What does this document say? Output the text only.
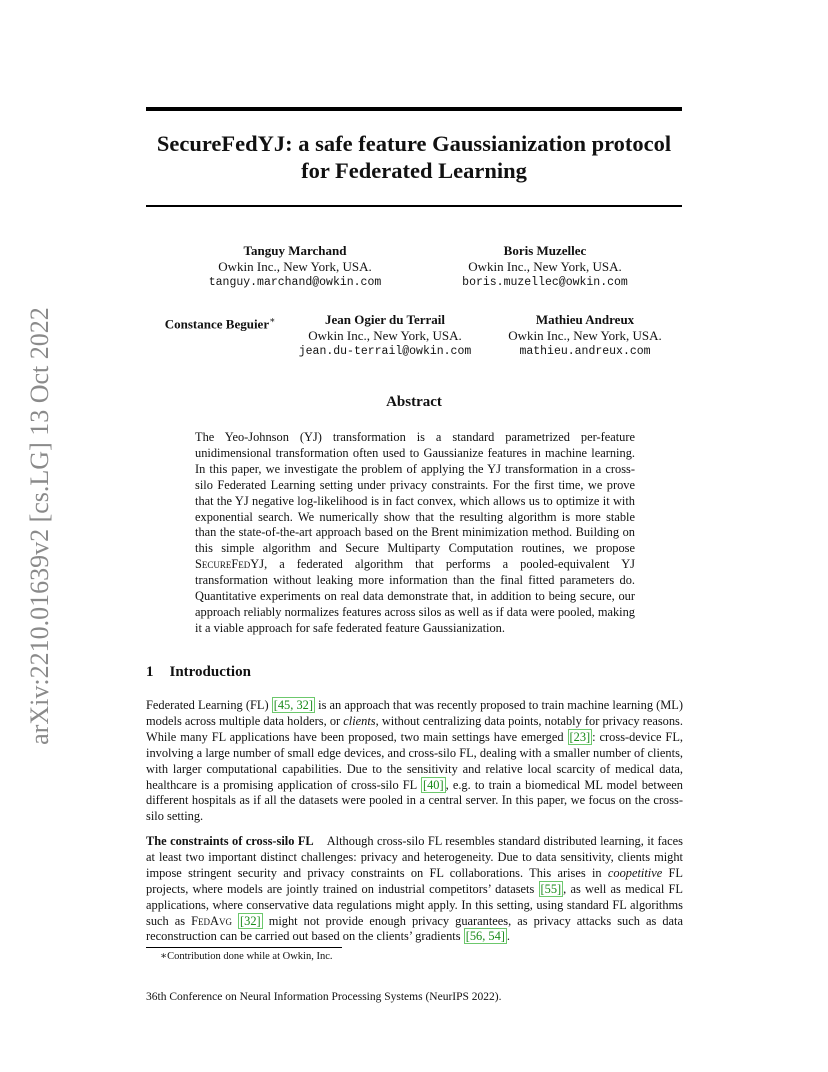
arXiv:2210.01639v2 [cs.LG] 13 Oct 2022
SecureFedYJ: a safe feature Gaussianization protocol
for Federated Learning
Tanguy Marchand
Owkin Inc., New York, USA.
tanguy.marchand@owkin.com
Boris Muzellec
Owkin Inc., New York, USA.
boris.muzellec@owkin.com
Constance Beguier∗	Jean Ogier du Terrail
Owkin Inc., New York, USA.
jean.du-terrail@owkin.com
Mathieu Andreux
Owkin Inc., New York, USA.
mathieu.andreux.com
Abstract
The Yeo-Johnson (YJ) transformation is a standard parametrized per-feature unidimensional transformation often used to Gaussianize features in machine learning. In this paper, we investigate the problem of applying the YJ transformation in a cross-silo Federated Learning setting under privacy constraints. For the first time, we prove that the YJ negative log-likelihood is in fact convex, which allows us to optimize it with exponential search. We numerically show that the resulting algorithm is more stable than the state-of-the-art approach based on the Brent minimization method. Building on this simple algorithm and Secure Multiparty Computation routines, we propose SecureFedYJ, a federated algorithm that performs a pooled-equivalent YJ transformation without leaking more information than the final fitted parameters do. Quantitative experiments on real data demonstrate that, in addition to being secure, our approach reliably normalizes features across silos as well as if data were pooled, making it a viable approach for safe federated feature Gaussianization.
1 Introduction
Federated Learning (FL) [45, 32] is an approach that was recently proposed to train machine learning (ML) models across multiple data holders, or clients, without centralizing data points, notably for privacy reasons. While many FL applications have been proposed, two main settings have emerged [23] : cross-device FL, involving a large number of small edge devices, and cross-silo FL, dealing with a smaller number of clients, with larger computational capabilities. Due to the sensitivity and relative local scarcity of medical data, healthcare is a promising application of cross-silo FL [40] , e.g. to train a biomedical ML model between different hospitals as if all the datasets were pooled in a central server. In this paper, we focus on the cross-silo setting.
The constraints of cross-silo FL Although cross-silo FL resembles standard distributed learning, it faces at least two important distinct challenges: privacy and heterogeneity. Due to data sensitivity, clients might impose stringent security and privacy constraints on FL collaborations. This arises in coopetitive FL projects, where models are jointly trained on industrial competitors’ datasets [55] , as well as medical FL applications, where conservative data regulations might apply. In this setting, using standard FL algorithms such as FedAvg [32] might not provide enough privacy guarantees, as privacy attacks such as data reconstruction can be carried out based on the clients’ gradients [56, 54] .
∗Contribution done while at Owkin, Inc.
36th Conference on Neural Information Processing Systems (NeurIPS 2022).
